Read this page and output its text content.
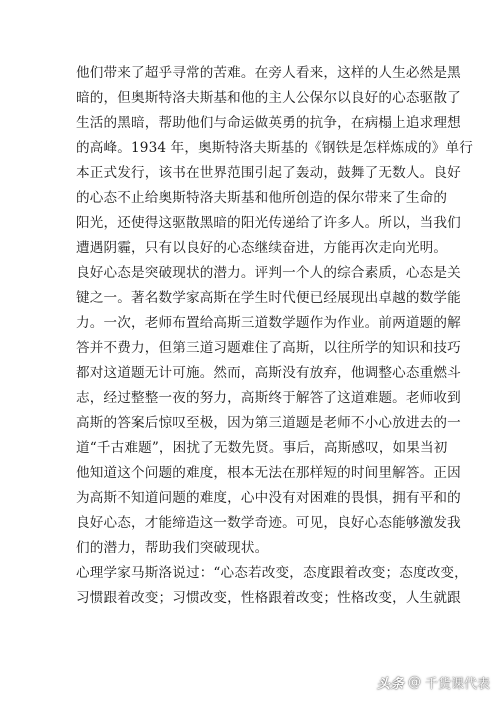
他们带来了超乎寻常的苦难。在旁人看来，这样的人生必然是黑
暗的，但奥斯特洛夫斯基和他的主人公保尔以良好的心态驱散了
生活的黑暗，帮助他们与命运做英勇的抗争，在病榻上追求理想
的高峰。1934 年，奥斯特洛夫斯基的《钢铁是怎样炼成的》单行
本正式发行，该书在世界范围引起了轰动，鼓舞了无数人。良好
的心态不止给奥斯特洛夫斯基和他所创造的保尔带来了生命的
阳光，还使得这驱散黑暗的阳光传递给了许多人。所以，当我们
遭遇阴霾，只有以良好的心态继续奋进，方能再次走向光明。
良好心态是突破现状的潜力。评判一个人的综合素质，心态是关
键之一。著名数学家高斯在学生时代便已经展现出卓越的数学能
力。一次，老师布置给高斯三道数学题作为作业。前两道题的解
答并不费力，但第三道习题难住了高斯，以往所学的知识和技巧
都对这道题无计可施。然而，高斯没有放弃，他调整心态重燃斗
志，经过整整一夜的努力，高斯终于解答了这道难题。老师收到
高斯的答案后惊叹至极，因为第三道题是老师不小心放进去的一
道“千古难题”，困扰了无数先贤。事后，高斯感叹，如果当初
他知道这个问题的难度，根本无法在那样短的时间里解答。正因
为高斯不知道问题的难度，心中没有对困难的畏惧，拥有平和的
良好心态，才能缔造这一数学奇迹。可见，良好心态能够激发我
们的潜力，帮助我们突破现状。
心理学家马斯洛说过：“心态若改变，态度跟着改变；态度改变，
习惯跟着改变；习惯改变，性格跟着改变；性格改变，人生就跟
头条 @ 千货课代表
